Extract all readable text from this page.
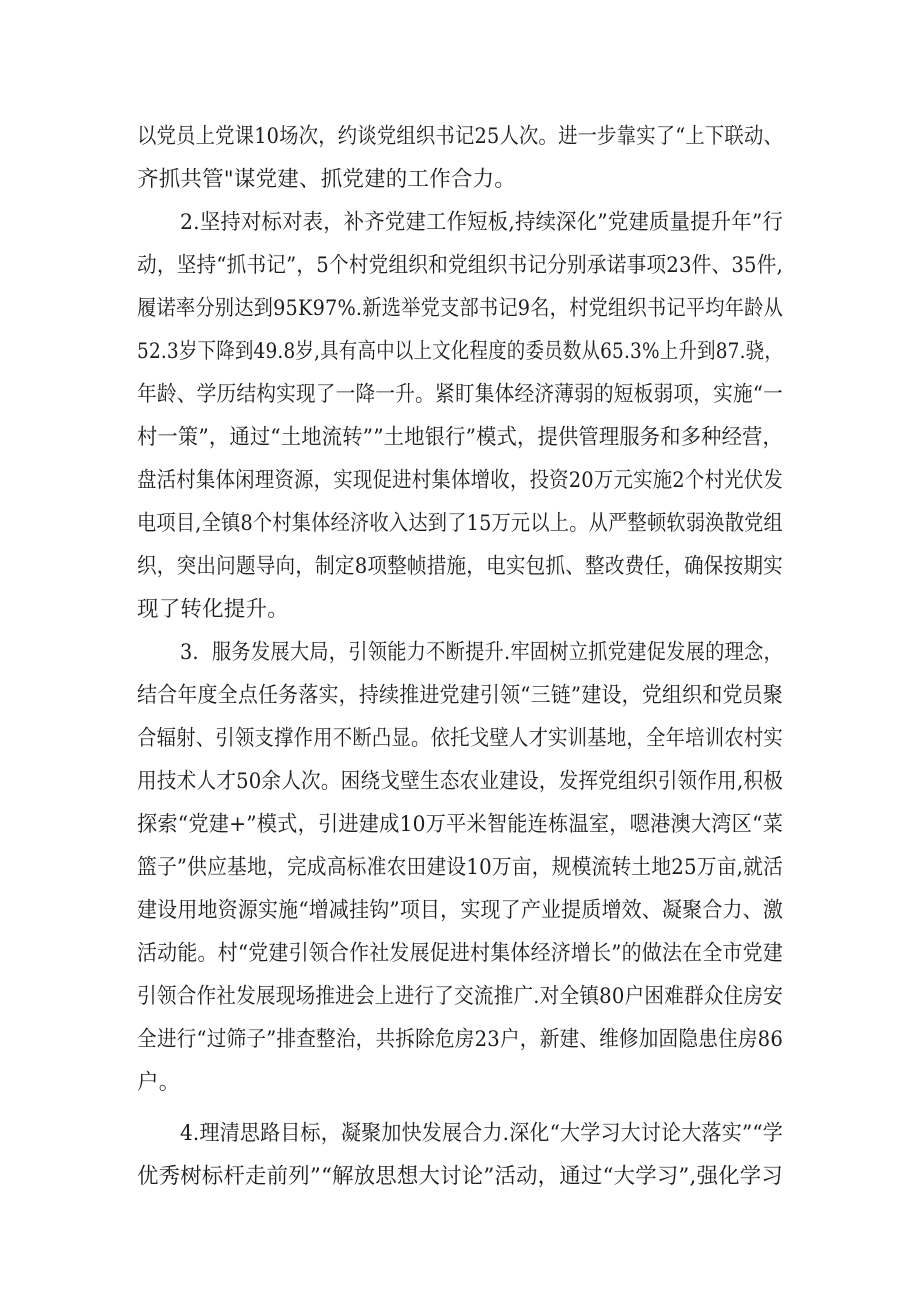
以党员上党课10场次，约谈党组织书记25人次。进一步靠实了“上下联动、
齐抓共管"谋党建、抓党建的工作合力。
2.坚持对标对表，补齐党建工作短板,持续深化”党建质量提升年”行
动，坚持“抓书记”，5个村党组织和党组织书记分别承诺事项23件、35件,
履诺率分别达到95K97%.新选举党支部书记9名，村党组织书记平均年龄从
52.3岁下降到49.8岁,具有高中以上文化程度的委员数从65.3%上升到87.骁，
年龄、学历结构实现了一降一升。紧盯集体经济薄弱的短板弱项，实施“一
村一策”，通过“土地流转””土地银行”模式，提供管理服务和多种经营，
盘活村集体闲理资源，实现促进村集体增收，投资20万元实施2个村光伏发
电项目,全镇8个村集体经济收入达到了15万元以上。从严整顿软弱涣散党组
织，突出问题导向，制定8项整帧措施，电实包抓、整改费任，确保按期实
现了转化提升。
3．服务发展大局，引领能力不断提升.牢固树立抓党建促发展的理念，
结合年度全点任务落实，持续推进党建引领“三链”建设，党组织和党员聚
合辐射、引领支撑作用不断凸显。依托戈壁人才实训基地，全年培训农村实
用技术人才50余人次。困绕戈壁生态农业建设，发挥党组织引领作用,积极
探索“党建+”模式，引进建成10万平米智能连栋温室，嗯港澳大湾区“菜
篮子”供应基地，完成高标准农田建设10万亩，规模流转土地25万亩,就活
建设用地资源实施“增减挂钩”项目，实现了产业提质增效、凝聚合力、激
活动能。村“党建引领合作社发展促进村集体经济增长”的做法在全市党建
引领合作社发展现场推进会上进行了交流推广.对全镇80户困难群众住房安
全进行“过筛子”排查整治，共拆除危房23户，新建、维修加固隐患住房86
户。
4.理清思路目标，凝聚加快发展合力.深化“大学习大讨论大落实”“学
优秀树标杆走前列”“解放思想大讨论”活动，通过“大学习”,强化学习
